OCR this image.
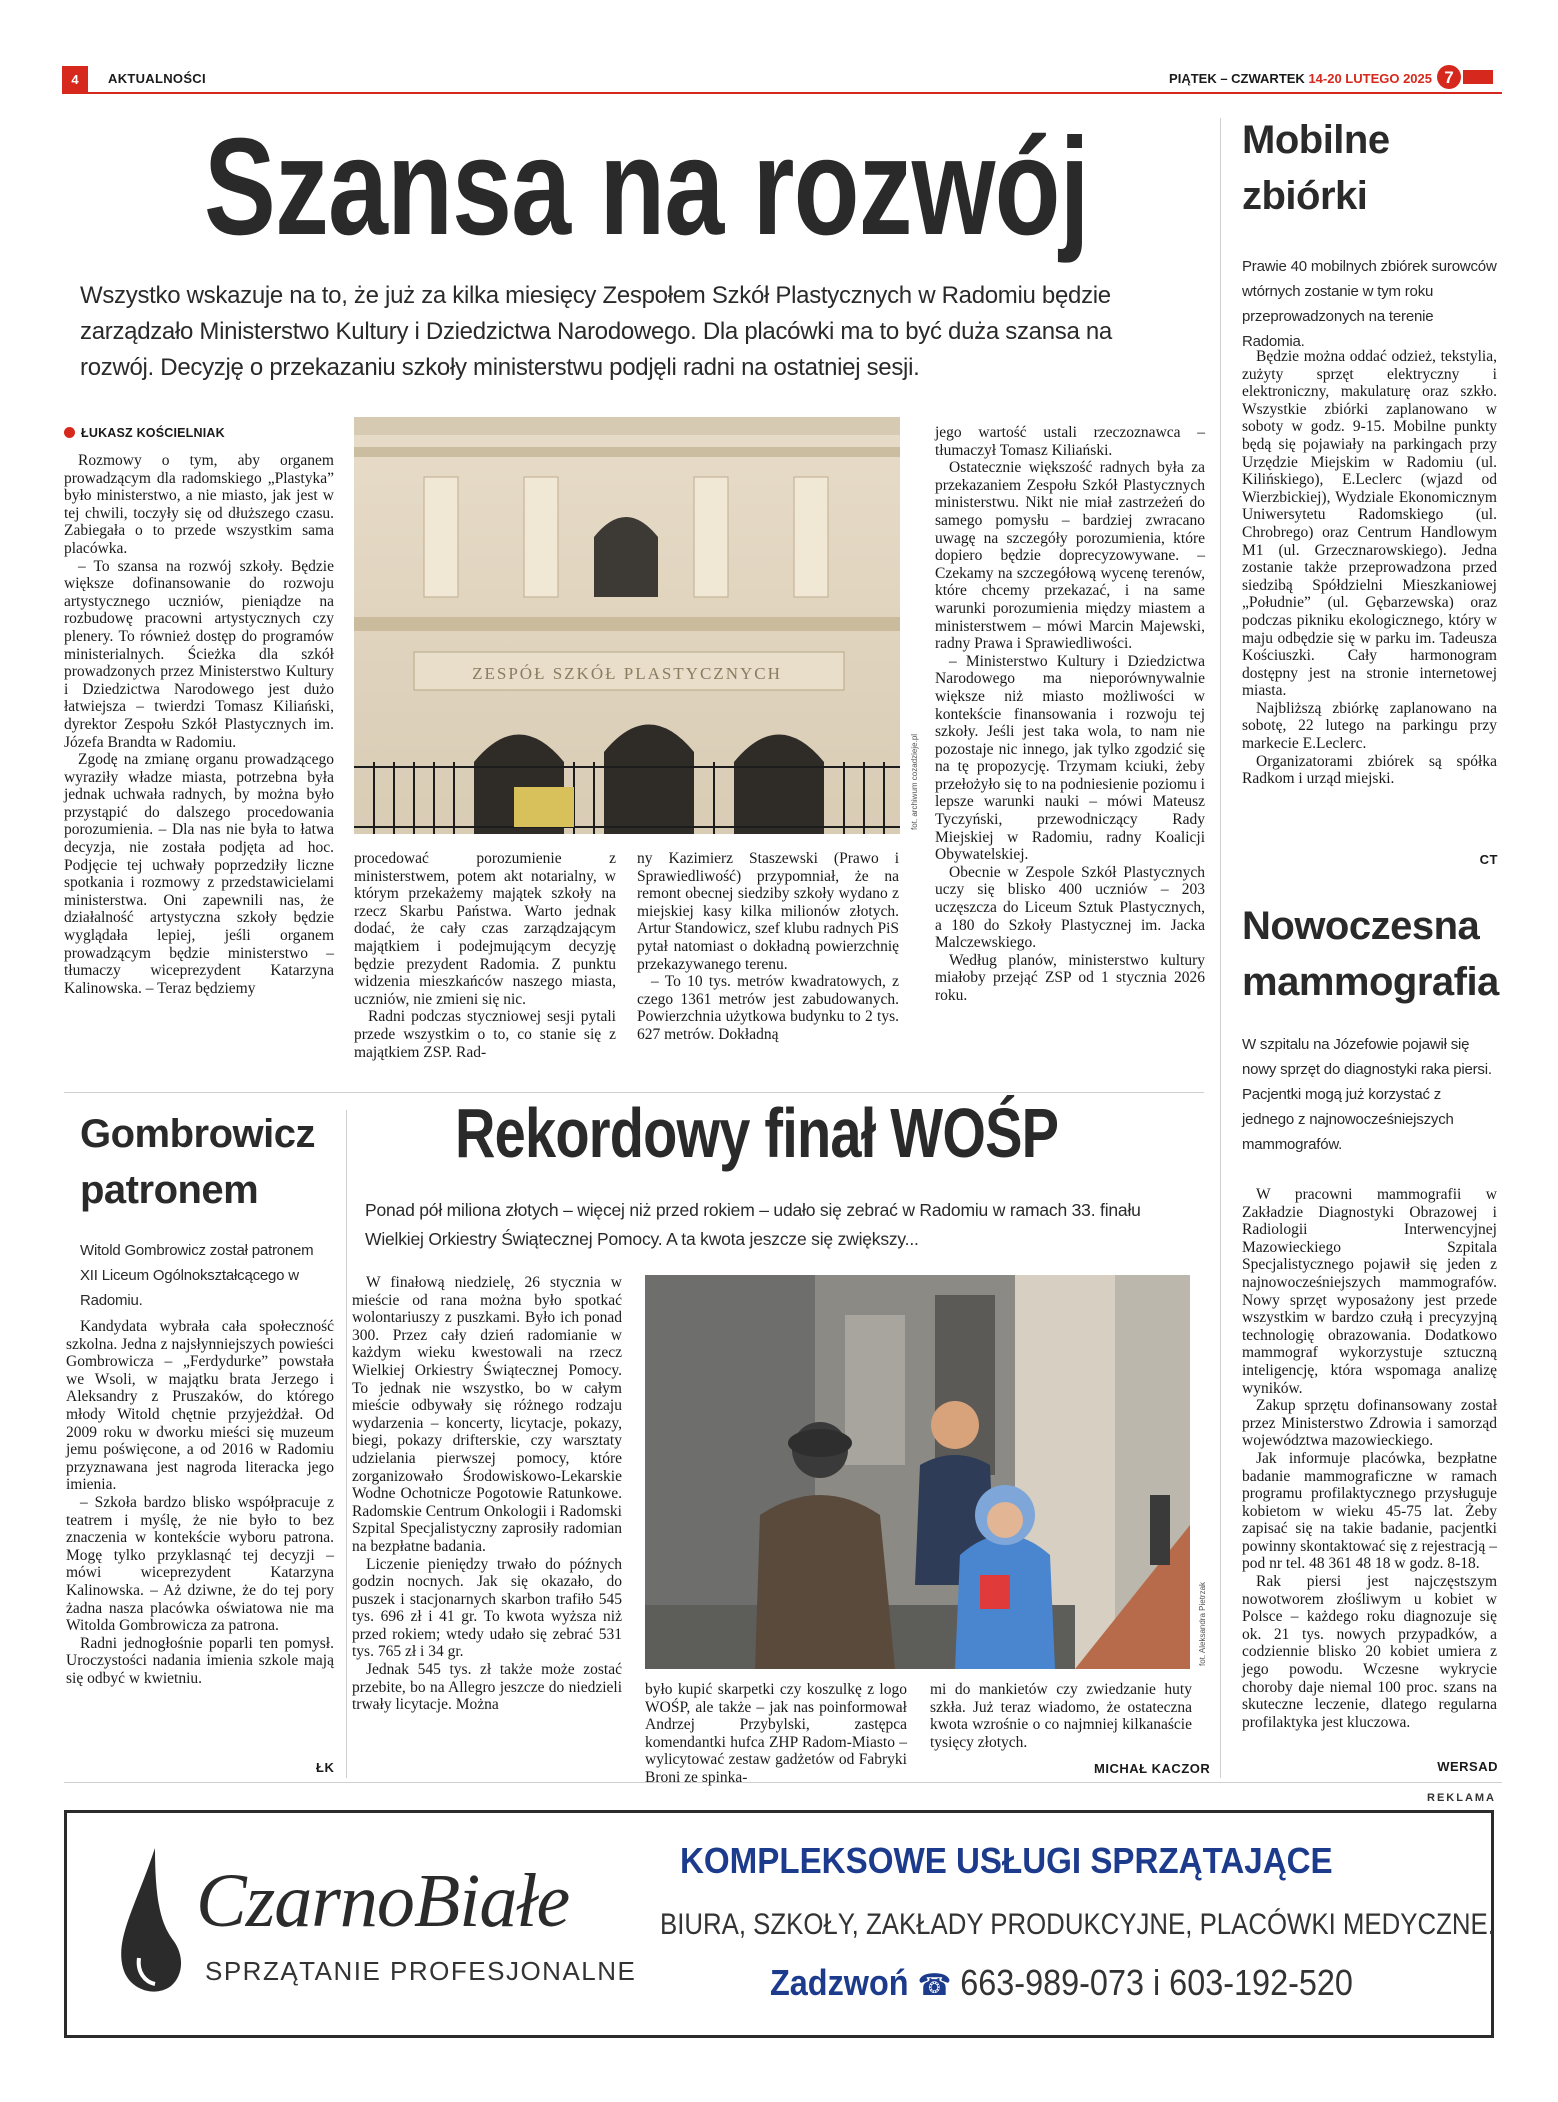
4	AKTUALNOŚCI	PIĄTEK – CZWARTEK 14-20 LUTEGO 2025 7
Szansa na rozwój
Wszystko wskazuje na to, że już za kilka miesięcy Zespołem Szkół Plastycznych w Radomiu będzie zarządzało Ministerstwo Kultury i Dziedzictwa Narodowego. Dla placówki ma to być duża szansa na rozwój. Decyzję o przekazaniu szkoły ministerstwu podjęli radni na ostatniej sesji.
ŁUKASZ KOŚCIELNIAK

Rozmowy o tym, aby organem prowadzącym dla radomskiego „Plastyka” było ministerstwo, a nie miasto, jak jest w tej chwili, toczyły się od dłuższego czasu. Zabiegała o to przede wszystkim sama placówka.

– To szansa na rozwój szkoły. Będzie większe dofinansowanie do rozwoju artystycznego uczniów, pieniądze na rozbudowę pracowni artystycznych czy plenery. To również dostęp do programów ministerialnych. Ścieżka dla szkół prowadzonych przez Ministerstwo Kultury i Dziedzictwa Narodowego jest dużo łatwiejsza – twierdzi Tomasz Kiliański, dyrektor Zespołu Szkół Plastycznych im. Józefa Brandta w Radomiu.

Zgodę na zmianę organu prowadzącego wyraziły władze miasta, potrzebna była jednak uchwała radnych, by można było przystąpić do dalszego procedowania porozumienia. – Dla nas nie była to łatwa decyzja, nie została podjęta ad hoc. Podjęcie tej uchwały poprzedziły liczne spotkania i rozmowy z przedstawicielami ministerstwa. Oni zapewnili nas, że działalność artystyczna szkoły będzie wyglądała lepiej, jeśli organem prowadzącym będzie ministerstwo – tłumaczy wiceprezydent Katarzyna Kalinowska. – Teraz będziemy

ZESPÓŁ SZKÓŁ PLASTYCZNYCH
fot. archiwum cozadzieje.pl

procedować porozumienie z ministerstwem, potem akt notarialny, w którym przekażemy majątek szkoły na rzecz Skarbu Państwa. Warto jednak dodać, że cały czas zarządzającym majątkiem i podejmującym decyzję będzie prezydent Radomia. Z punktu widzenia mieszkańców naszego miasta, uczniów, nie zmieni się nic.

Radni podczas styczniowej sesji pytali przede wszystkim o to, co stanie się z majątkiem ZSP. Rad-

ny Kazimierz Staszewski (Prawo i Sprawiedliwość) przypomniał, że na remont obecnej siedziby szkoły wydano z miejskiej kasy kilka milionów złotych. Artur Standowicz, szef klubu radnych PiS pytał natomiast o dokładną powierzchnię przekazywanego terenu.

– To 10 tys. metrów kwadratowych, z czego 1361 metrów jest zabudowanych. Powierzchnia użytkowa budynku to 2 tys. 627 metrów. Dokładną

jego wartość ustali rzeczoznawca – tłumaczył Tomasz Kiliański.

Ostatecznie większość radnych była za przekazaniem Zespołu Szkół Plastycznych ministerstwu. Nikt nie miał zastrzeżeń do samego pomysłu – bardziej zwracano uwagę na szczegóły porozumienia, które dopiero będzie doprecyzowywane. – Czekamy na szczegółową wycenę terenów, które chcemy przekazać, i na same warunki porozumienia między miastem a ministerstwem – mówi Marcin Majewski, radny Prawa i Sprawiedliwości.

– Ministerstwo Kultury i Dziedzictwa Narodowego ma nieporównywalnie większe niż miasto możliwości w kontekście finansowania i rozwoju tej szkoły. Jeśli jest taka wola, to nam nie pozostaje nic innego, jak tylko zgodzić się na tę propozycję. Trzymam kciuki, żeby przełożyło się to na podniesienie poziomu i lepsze warunki nauki – mówi Mateusz Tyczyński, przewodniczący Rady Miejskiej w Radomiu, radny Koalicji Obywatelskiej.

Obecnie w Zespole Szkół Plastycznych uczy się blisko 400 uczniów – 203 uczęszcza do Liceum Sztuk Plastycznych, a 180 do Szkoły Plastycznej im. Jacka Malczewskiego.

Według planów, ministerstwo kultury miałoby przejąć ZSP od 1 stycznia 2026 roku.

Mobilne
zbiórki
Prawie 40 mobilnych zbiórek surowców wtórnych zostanie w tym roku przeprowadzonych na terenie Radomia.

Będzie można oddać odzież, tekstylia, zużyty sprzęt elektryczny i elektroniczny, makulaturę oraz szkło. Wszystkie zbiórki zaplanowano w soboty w godz. 9-15. Mobilne punkty będą się pojawiały na parkingach przy Urzędzie Miejskim w Radomiu (ul. Kilińskiego), E.Leclerc (wjazd od Wierzbickiej), Wydziale Ekonomicznym Uniwersytetu Radomskiego (ul. Chrobrego) oraz Centrum Handlowym M1 (ul. Grzecznarowskiego). Jedna zostanie także przeprowadzona przed siedzibą Spółdzielni Mieszkaniowej „Południe” (ul. Gębarzewska) oraz podczas pikniku ekologicznego, który w maju odbędzie się w parku im. Tadeusza Kościuszki. Cały harmonogram dostępny jest na stronie internetowej miasta.

Najbliższą zbiórkę zaplanowano na sobotę, 22 lutego na parkingu przy markecie E.Leclerc.

Organizatorami zbiórek są spółka Radkom i urząd miejski.

CT
Nowoczesna
mammografia
W szpitalu na Józefowie pojawił się nowy sprzęt do diagnostyki raka piersi. Pacjentki mogą już korzystać z jednego z najnowocześniejszych mammografów.

W pracowni mammografii w Zakładzie Diagnostyki Obrazowej i Radiologii Interwencyjnej Mazowieckiego Szpitala Specjalistycznego pojawił się jeden z najnowocześniejszych mammografów. Nowy sprzęt wyposażony jest przede wszystkim w bardzo czułą i precyzyjną technologię obrazowania. Dodatkowo mammograf wykorzystuje sztuczną inteligencję, która wspomaga analizę wyników.

Zakup sprzętu dofinansowany został przez Ministerstwo Zdrowia i samorząd województwa mazowieckiego.

Jak informuje placówka, bezpłatne badanie mammograficzne w ramach programu profilaktycznego przysługuje kobietom w wieku 45-75 lat. Żeby zapisać się na takie badanie, pacjentki powinny skontaktować się z rejestracją – pod nr tel. 48 361 48 18 w godz. 8-18.

Rak piersi jest najczęstszym nowotworem złośliwym u kobiet w Polsce – każdego roku diagnozuje się ok. 21 tys. nowych przypadków, a codziennie blisko 20 kobiet umiera z jego powodu. Wczesne wykrycie choroby daje niemal 100 proc. szans na skuteczne leczenie, dlatego regularna profilaktyka jest kluczowa.

WERSAD
Gombrowicz
patronem
Witold Gombrowicz został patronem XII Liceum Ogólnokształcącego w Radomiu.

Kandydata wybrała cała społeczność szkolna. Jedna z najsłynniejszych powieści Gombrowicza – „Ferdydurke” powstała we Wsoli, w majątku brata Jerzego i Aleksandry z Pruszaków, do którego młody Witold chętnie przyjeżdżał. Od 2009 roku w dworku mieści się muzeum jemu poświęcone, a od 2016 w Radomiu przyznawana jest nagroda literacka jego imienia.

– Szkoła bardzo blisko współpracuje z teatrem i myślę, że nie było to bez znaczenia w kontekście wyboru patrona. Mogę tylko przyklasnąć tej decyzji – mówi wiceprezydent Katarzyna Kalinowska. – Aż dziwne, że do tej pory żadna nasza placówka oświatowa nie ma Witolda Gombrowicza za patrona.

Radni jednogłośnie poparli ten pomysł. Uroczystości nadania imienia szkole mają się odbyć w kwietniu.

ŁK
Rekordowy finał WOŚP
Ponad pół miliona złotych – więcej niż przed rokiem – udało się zebrać w Radomiu w ramach 33. finału Wielkiej Orkiestry Świątecznej Pomocy. A ta kwota jeszcze się zwiększy...

W finałową niedzielę, 26 stycznia w mieście od rana można było spotkać wolontariuszy z puszkami. Było ich ponad 300. Przez cały dzień radomianie w każdym wieku kwestowali na rzecz Wielkiej Orkiestry Świątecznej Pomocy. To jednak nie wszystko, bo w całym mieście odbywały się różnego rodzaju wydarzenia – koncerty, licytacje, pokazy, biegi, pokazy drifterskie, czy warsztaty udzielania pierwszej pomocy, które zorganizowało Środowiskowo-Lekarskie Wodne Ochotnicze Pogotowie Ratunkowe. Radomskie Centrum Onkologii i Radomski Szpital Specjalistyczny zaprosiły radomian na bezpłatne badania.

Liczenie pieniędzy trwało do późnych godzin nocnych. Jak się okazało, do puszek i stacjonarnych skarbon trafiło 545 tys. 696 zł i 41 gr. To kwota wyższa niż przed rokiem; wtedy udało się zebrać 531 tys. 765 zł i 34 gr.

Jednak 545 tys. zł także może zostać przebite, bo na Allegro jeszcze do niedzieli trwały licytacje. Można

fot. Aleksandra Pietrzak

było kupić skarpetki czy koszulkę z logo WOŚP, ale także – jak nas poinformował Andrzej Przybylski, zastępca komendantki hufca ZHP Radom-Miasto – wylicytować zestaw gadżetów od Fabryki Broni ze spinka-

mi do mankietów czy zwiedzanie huty szkła. Już teraz wiadomo, że ostateczna kwota wzrośnie o co najmniej kilkanaście tysięcy złotych.

MICHAŁ KACZOR
REKLAMA
CzarnoBiałe
SPRZĄTANIE PROFESJONALNE
KOMPLEKSOWE USŁUGI SPRZĄTAJĄCE
BIURA, SZKOŁY, ZAKŁADY PRODUKCYJNE, PLACÓWKI MEDYCZNE.
Zadzwoń ☎ 663-989-073 i 603-192-520
